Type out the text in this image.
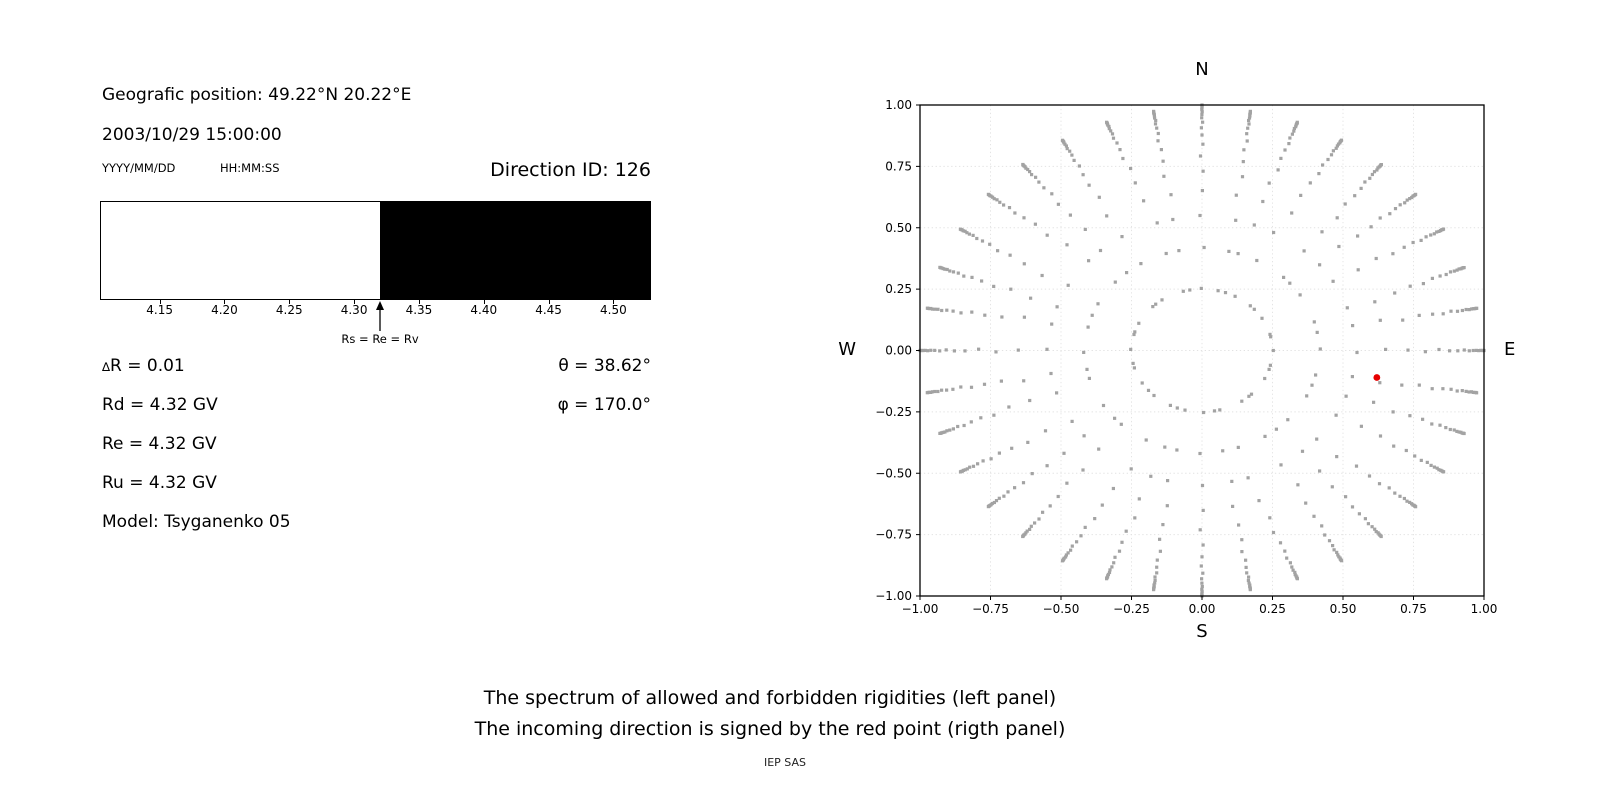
Geografic position: 49.22°N 20.22°E
2003/10/29 15:00:00
YYYY/MM/DD	HH:MM:SS	Direction ID: 126
4.15	4.20	4.25	4.30	4.35	4.40	4.45	4.50
Rs = Re = Rv
∆R = 0.01
Rd = 4.32 GV
Re = 4.32 GV
Ru = 4.32 GV
Model: Tsyganenko 05
θ = 38.62°
φ = 170.0°
−1.00
−1.00
−0.75
−0.75
−0.50
−0.50
−0.25
−0.25
0.00
0.00
0.25
0.25
0.50
0.50
0.75
0.75
1.00
1.00
N
S
W	E
The spectrum of allowed and forbidden rigidities (left panel)
The incoming direction is signed by the red point (rigth panel)
IEP SAS
